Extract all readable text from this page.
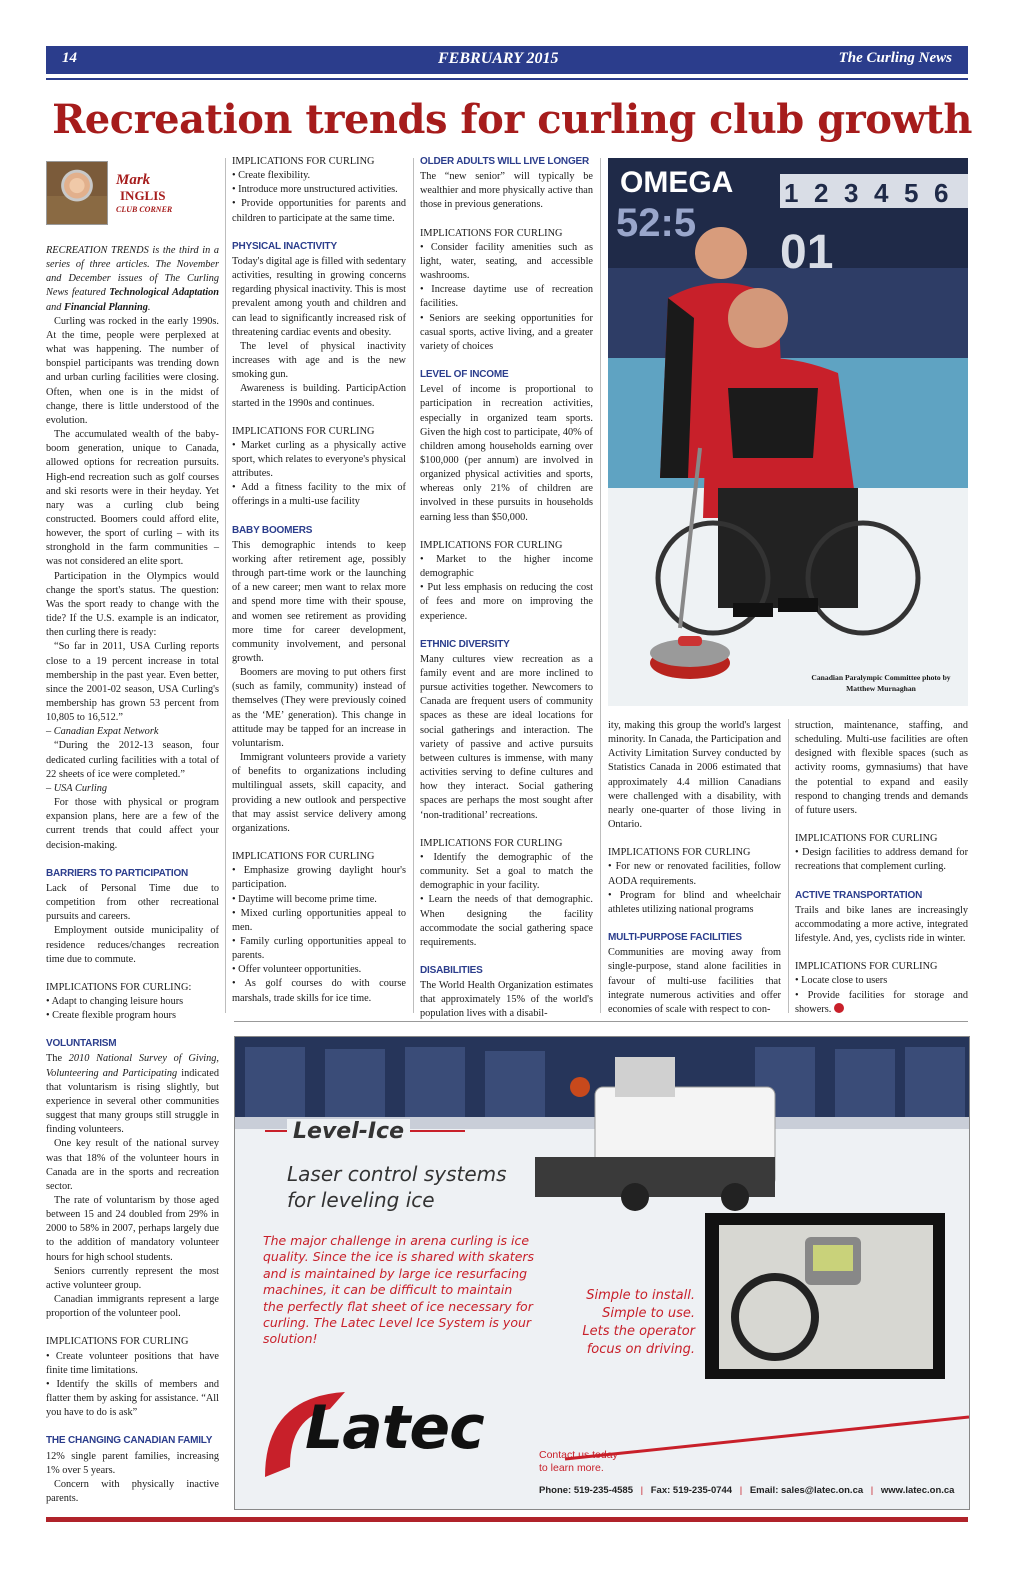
14	FEBRUARY 2015	The Curling News
Recreation trends for curling club growth
Mark
INGLIS
CLUB CORNER

RECREATION TRENDS is the third in a series of three articles. The November and December issues of The Curling News featured Technological Adaptation and Financial Planning.

Curling was rocked in the early 1990s. At the time, people were perplexed at what was happening. The number of bonspiel participants was trending down and urban curling facilities were closing. Often, when one is in the midst of change, there is little understood of the evolution.

The accumulated wealth of the baby-boom generation, unique to Canada, allowed options for recreation pursuits. High-end recreation such as golf courses and ski resorts were in their heyday. Yet nary was a curling club being constructed. Boomers could afford elite, however, the sport of curling – with its stronghold in the farm communities – was not considered an elite sport.

Participation in the Olympics would change the sport's status. The question: Was the sport ready to change with the tide? If the U.S. example is an indicator, then curling there is ready:

“So far in 2011, USA Curling reports close to a 19 percent increase in total membership in the past year. Even better, since the 2001-02 season, USA Curling's membership has grown 53 percent from 10,805 to 16,512.”

– Canadian Expat Network

“During the 2012-13 season, four dedicated curling facilities with a total of 22 sheets of ice were completed.”

– USA Curling

For those with physical or program expansion plans, here are a few of the current trends that could affect your decision-making.

BARRIERS TO PARTICIPATION

Lack of Personal Time due to competition from other recreational pursuits and careers.

Employment outside municipality of residence reduces/changes recreation time due to commute.

IMPLICATIONS FOR CURLING:

• Adapt to changing leisure hours

• Create flexible program hours

VOLUNTARISM

The 2010 National Survey of Giving, Volunteering and Participating indicated that voluntarism is rising slightly, but experience in several other communities suggest that many groups still struggle in finding volunteers.

One key result of the national survey was that 18% of the volunteer hours in Canada are in the sports and recreation sector.

The rate of voluntarism by those aged between 15 and 24 doubled from 29% in 2000 to 58% in 2007, perhaps largely due to the addition of mandatory volunteer hours for high school students.

Seniors currently represent the most active volunteer group.

Canadian immigrants represent a large proportion of the volunteer pool.

IMPLICATIONS FOR CURLING

• Create volunteer positions that have finite time limitations.

• Identify the skills of members and flatter them by asking for assistance. “All you have to do is ask”

THE CHANGING CANADIAN FAMILY

12% single parent families, increasing 1% over 5 years.

Concern with physically inactive parents.

IMPLICATIONS FOR CURLING

• Create flexibility.

• Introduce more unstructured activities.

• Provide opportunities for parents and children to participate at the same time.

PHYSICAL INACTIVITY

Today's digital age is filled with sedentary activities, resulting in growing concerns regarding physical inactivity. This is most prevalent among youth and children and can lead to significantly increased risk of threatening cardiac events and obesity.

The level of physical inactivity increases with age and is the new smoking gun.

Awareness is building. ParticipAction started in the 1990s and continues.

IMPLICATIONS FOR CURLING

• Market curling as a physically active sport, which relates to everyone's physical attributes.

• Add a fitness facility to the mix of offerings in a multi-use facility

BABY BOOMERS

This demographic intends to keep working after retirement age, possibly through part-time work or the launching of a new career; men want to relax more and spend more time with their spouse, and women see retirement as providing more time for career development, community involvement, and personal growth.

Boomers are moving to put others first (such as family, community) instead of themselves (They were previously coined as the ‘ME’ generation). This change in attitude may be tapped for an increase in voluntarism.

Immigrant volunteers provide a variety of benefits to organizations including multilingual assets, skill capacity, and providing a new outlook and perspective that may assist service delivery among organizations.

IMPLICATIONS FOR CURLING

• Emphasize growing daylight hour's participation.

• Daytime will become prime time.

• Mixed curling opportunities appeal to men.

• Family curling opportunities appeal to parents.

• Offer volunteer opportunities.

• As golf courses do with course marshals, trade skills for ice time.

OLDER ADULTS WILL LIVE LONGER

The “new senior” will typically be wealthier and more physically active than those in previous generations.

IMPLICATIONS FOR CURLING

• Consider facility amenities such as light, water, seating, and accessible washrooms.

• Increase daytime use of recreation facilities.

• Seniors are seeking opportunities for casual sports, active living, and a greater variety of choices

LEVEL OF INCOME

Level of income is proportional to participation in recreation activities, especially in organized team sports. Given the high cost to participate, 40% of children among households earning over $100,000 (per annum) are involved in organized physical activities and sports, whereas only 21% of children are involved in these pursuits in households earning less than $50,000.

IMPLICATIONS FOR CURLING

• Market to the higher income demographic

• Put less emphasis on reducing the cost of fees and more on improving the experience.

ETHNIC DIVERSITY

Many cultures view recreation as a family event and are more inclined to pursue activities together. Newcomers to Canada are frequent users of community spaces as these are ideal locations for social gatherings and interaction. The variety of passive and active pursuits between cultures is immense, with many activities serving to define cultures and how they interact. Social gathering spaces are perhaps the most sought after ‘non-traditional’ recreations.

IMPLICATIONS FOR CURLING

• Identify the demographic of the community. Set a goal to match the demographic in your facility.

• Learn the needs of that demographic. When designing the facility accommodate the social gathering space requirements.

DISABILITIES

The World Health Organization estimates that approximately 15% of the world's population lives with a disabil-

OMEGA
52:5
1 2 3 4 5 6
01
Canadian Paralympic Committee photo by
Matthew Murnaghan

ity, making this group the world's largest minority. In Canada, the Participation and Activity Limitation Survey conducted by Statistics Canada in 2006 estimated that approximately 4.4 million Canadians were challenged with a disability, with nearly one-quarter of those living in Ontario.

IMPLICATIONS FOR CURLING

• For new or renovated facilities, follow AODA requirements.

• Program for blind and wheelchair athletes utilizing national programs

MULTI-PURPOSE FACILITIES

Communities are moving away from single-purpose, stand alone facilities in favour of multi-use facilities that integrate numerous activities and offer economies of scale with respect to con-

struction, maintenance, staffing, and scheduling. Multi-use facilities are often designed with flexible spaces (such as activity rooms, gymnasiums) that have the potential to expand and easily respond to changing trends and demands of future users.

IMPLICATIONS FOR CURLING

• Design facilities to address demand for recreations that complement curling.

ACTIVE TRANSPORTATION

Trails and bike lanes are increasingly accommodating a more active, integrated lifestyle. And, yes, cyclists ride in winter.

IMPLICATIONS FOR CURLING

• Locate close to users

• Provide facilities for storage and showers.

Level-Ice
Laser control systems
for leveling ice
The major challenge in arena curling is ice quality. Since the ice is shared with skaters and is maintained by large ice resurfacing machines, it can be difficult to maintain the perfectly flat sheet of ice necessary for curling. The Latec Level Ice System is your solution!
Simple to install.
Simple to use.
Lets the operator
focus on driving.
Latec	Contact us today
to learn more.
Phone: 519-235-4585 | Fax: 519-235-0744 | Email: sales@latec.on.ca | www.latec.on.ca
